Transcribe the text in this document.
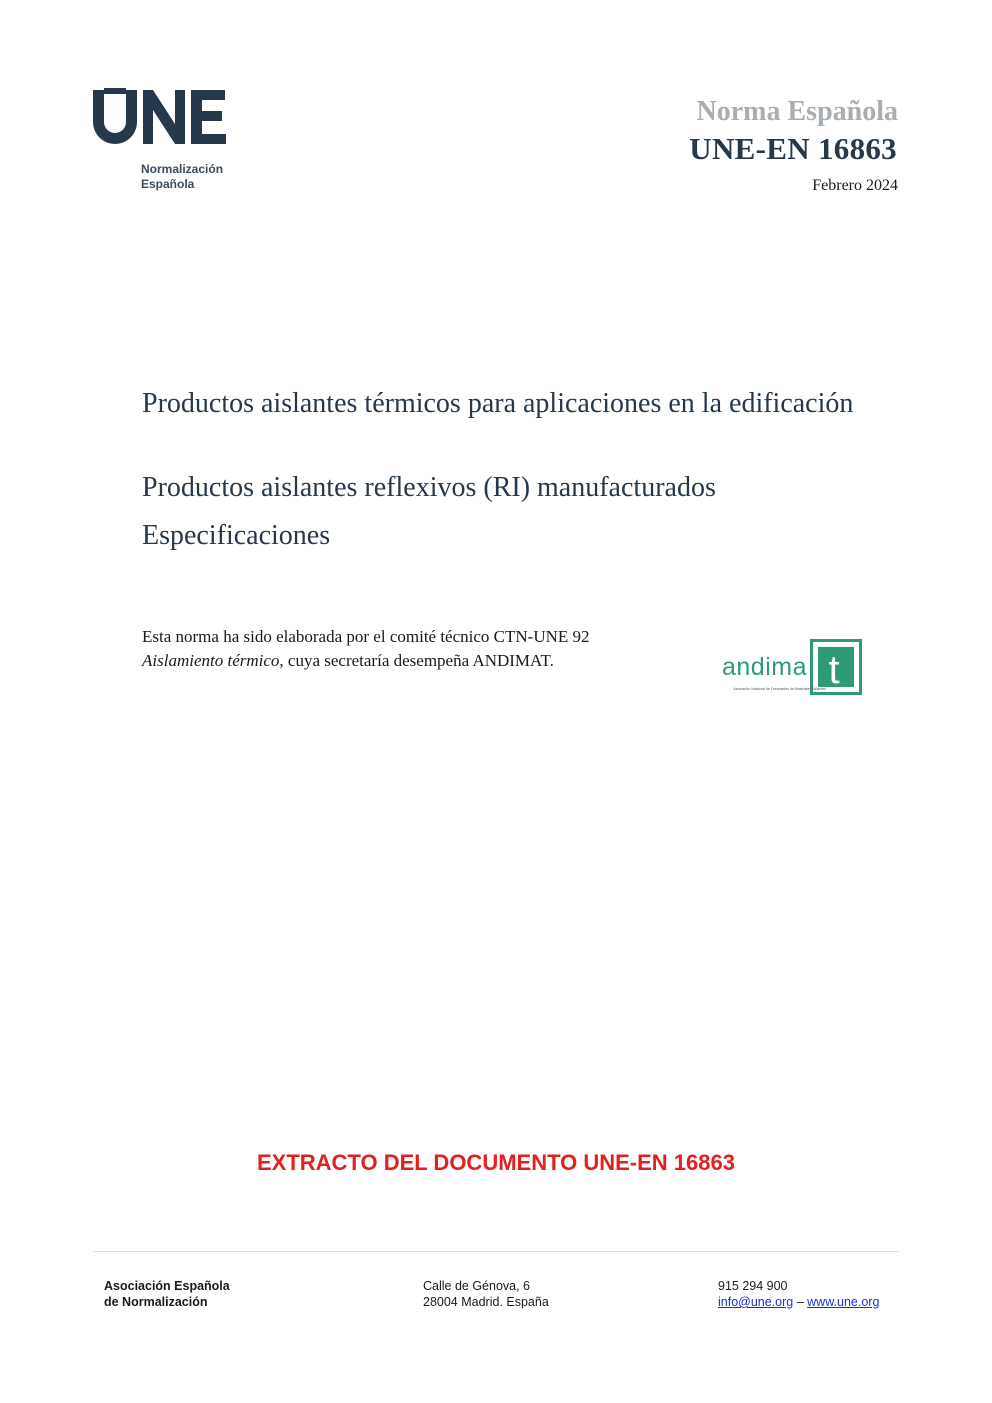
Normalización
Española
Norma Española
UNE-EN 16863
Febrero 2024
Productos aislantes térmicos para aplicaciones en la edificación
Productos aislantes reflexivos (RI) manufacturados
Especificaciones
Esta norma ha sido elaborada por el comité técnico CTN-UNE 92 Aislamiento térmico, cuya secretaría desempeña ANDIMAT.	andima t
Asociación Nacional de Fabricantes de Materiales Aislantes
EXTRACTO DEL DOCUMENTO UNE-EN 16863
Asociación Española
de Normalización
Calle de Génova, 6
28004 Madrid. España
915 294 900
info@une.org – www.une.org
